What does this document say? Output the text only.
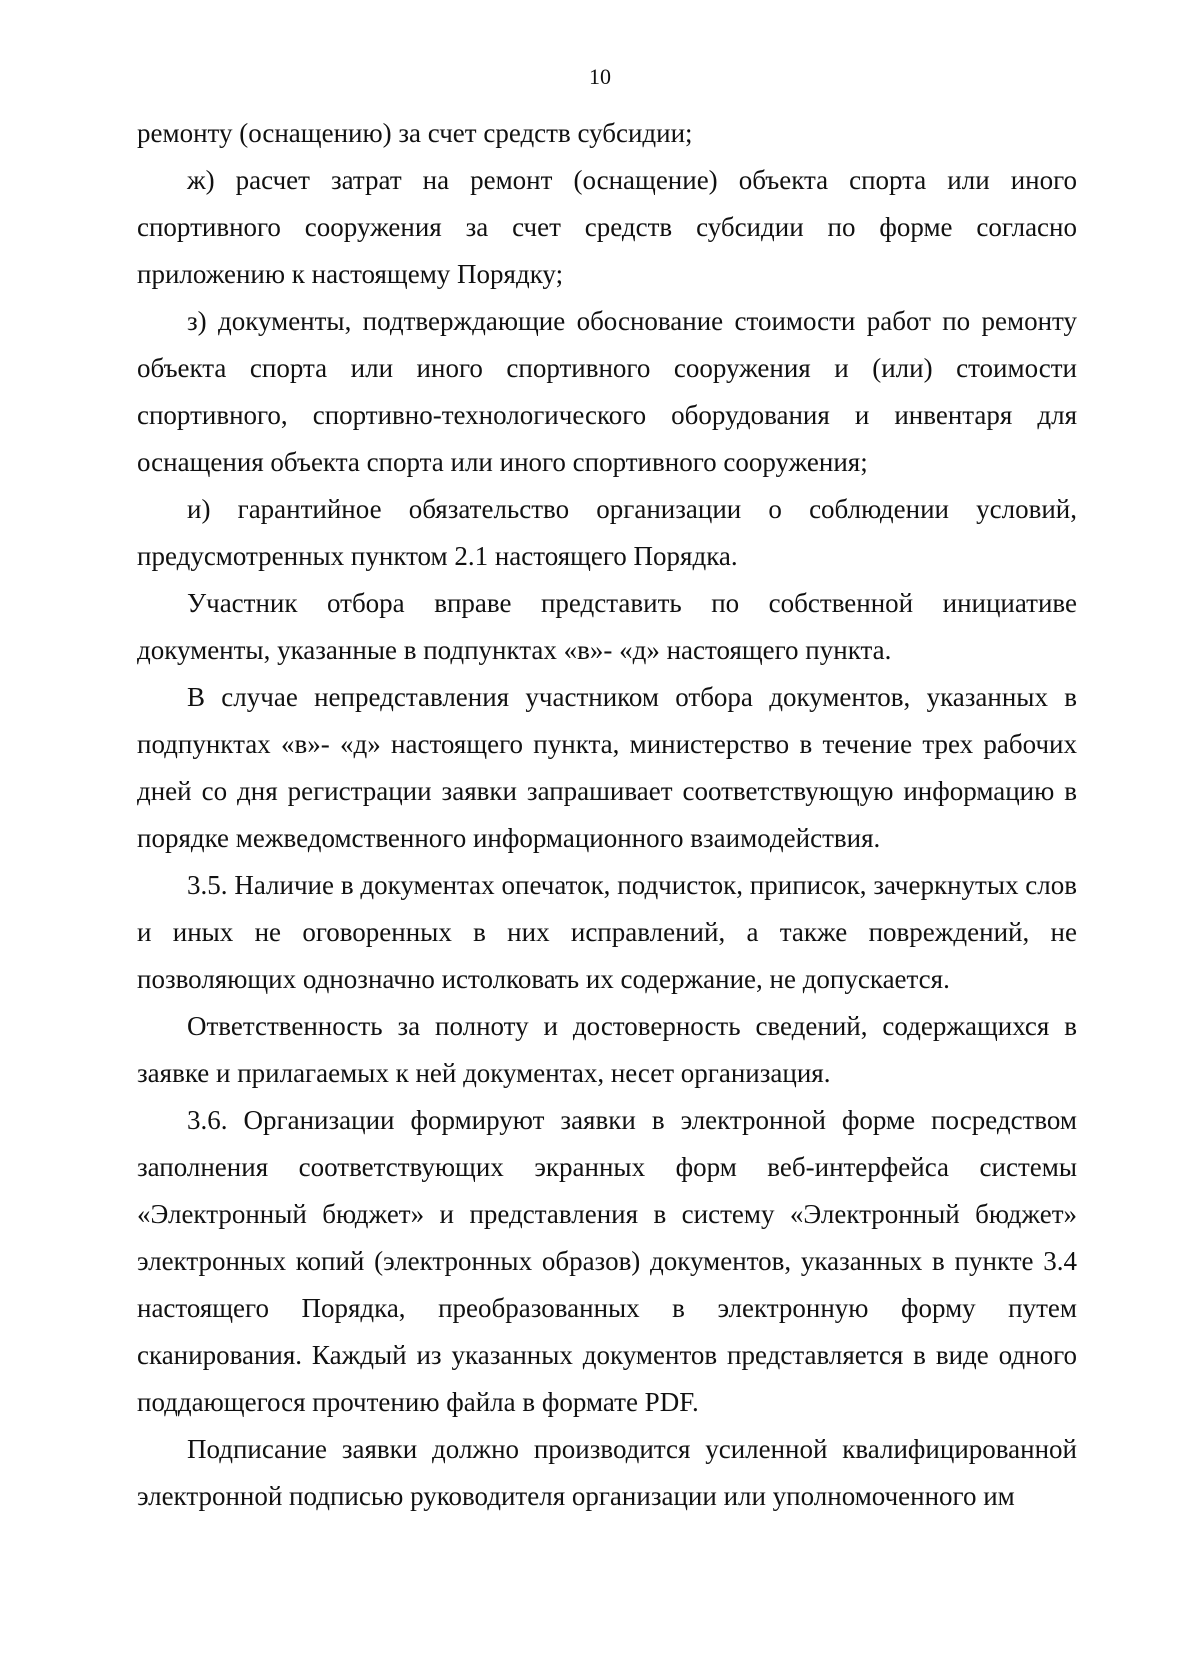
10

ремонту (оснащению) за счет средств субсидии;

ж) расчет затрат на ремонт (оснащение) объекта спорта или иного спортивного сооружения за счет средств субсидии по форме согласно приложению к настоящему Порядку;

з) документы, подтверждающие обоснование стоимости работ по ремонту объекта спорта или иного спортивного сооружения и (или) стоимости спортивного, спортивно-технологического оборудования и инвентаря для оснащения объекта спорта или иного спортивного сооружения;

и) гарантийное обязательство организации о соблюдении условий, предусмотренных пунктом 2.1 настоящего Порядка.

Участник отбора вправе представить по собственной инициативе документы, указанные в подпунктах «в»- «д» настоящего пункта.

В случае непредставления участником отбора документов, указанных в подпунктах «в»- «д» настоящего пункта, министерство в течение трех рабочих дней со дня регистрации заявки запрашивает соответствующую информацию в порядке межведомственного информационного взаимодействия.

3.5. Наличие в документах опечаток, подчисток, приписок, зачеркнутых слов и иных не оговоренных в них исправлений, а также повреждений, не позволяющих однозначно истолковать их содержание, не допускается.

Ответственность за полноту и достоверность сведений, содержащихся в заявке и прилагаемых к ней документах, несет организация.

3.6. Организации формируют заявки в электронной форме посредством заполнения соответствующих экранных форм веб-интерфейса системы «Электронный бюджет» и представления в систему «Электронный бюджет» электронных копий (электронных образов) документов, указанных в пункте 3.4 настоящего Порядка, преобразованных в электронную форму путем сканирования. Каждый из указанных документов представляется в виде одного поддающегося прочтению файла в формате PDF.

Подписание заявки должно производится усиленной квалифицированной электронной подписью руководителя организации или уполномоченного им
